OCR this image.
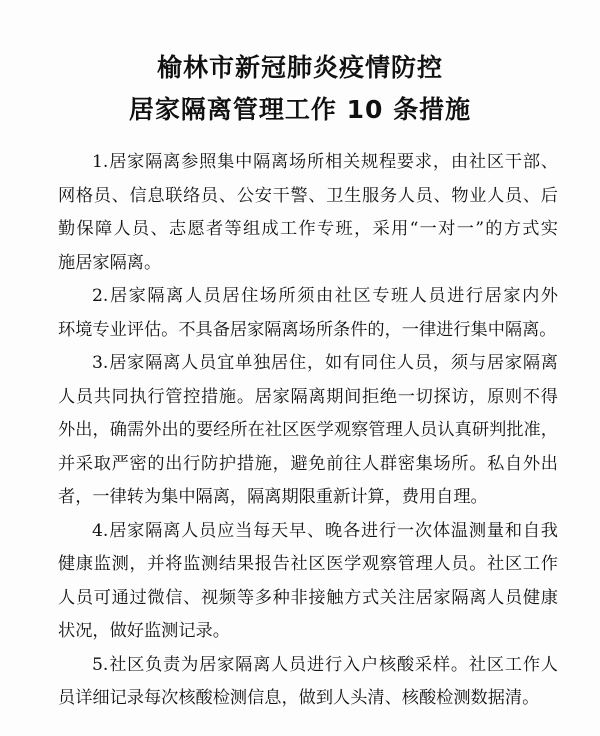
榆林市新冠肺炎疫情防控
居家隔离管理工作 10 条措施
1.居家隔离参照集中隔离场所相关规程要求，由社区干部、
网格员、信息联络员、公安干警、卫生服务人员、物业人员、后
勤保障人员、志愿者等组成工作专班，采用“一对一”的方式实
施居家隔离。
2.居家隔离人员居住场所须由社区专班人员进行居家内外
环境专业评估。不具备居家隔离场所条件的，一律进行集中隔离。
3.居家隔离人员宜单独居住，如有同住人员，须与居家隔离
人员共同执行管控措施。居家隔离期间拒绝一切探访，原则不得
外出，确需外出的要经所在社区医学观察管理人员认真研判批准，
并采取严密的出行防护措施，避免前往人群密集场所。私自外出
者，一律转为集中隔离，隔离期限重新计算，费用自理。
4.居家隔离人员应当每天早、晚各进行一次体温测量和自我
健康监测，并将监测结果报告社区医学观察管理人员。社区工作
人员可通过微信、视频等多种非接触方式关注居家隔离人员健康
状况，做好监测记录。
5.社区负责为居家隔离人员进行入户核酸采样。社区工作人
员详细记录每次核酸检测信息，做到人头清、核酸检测数据清。
